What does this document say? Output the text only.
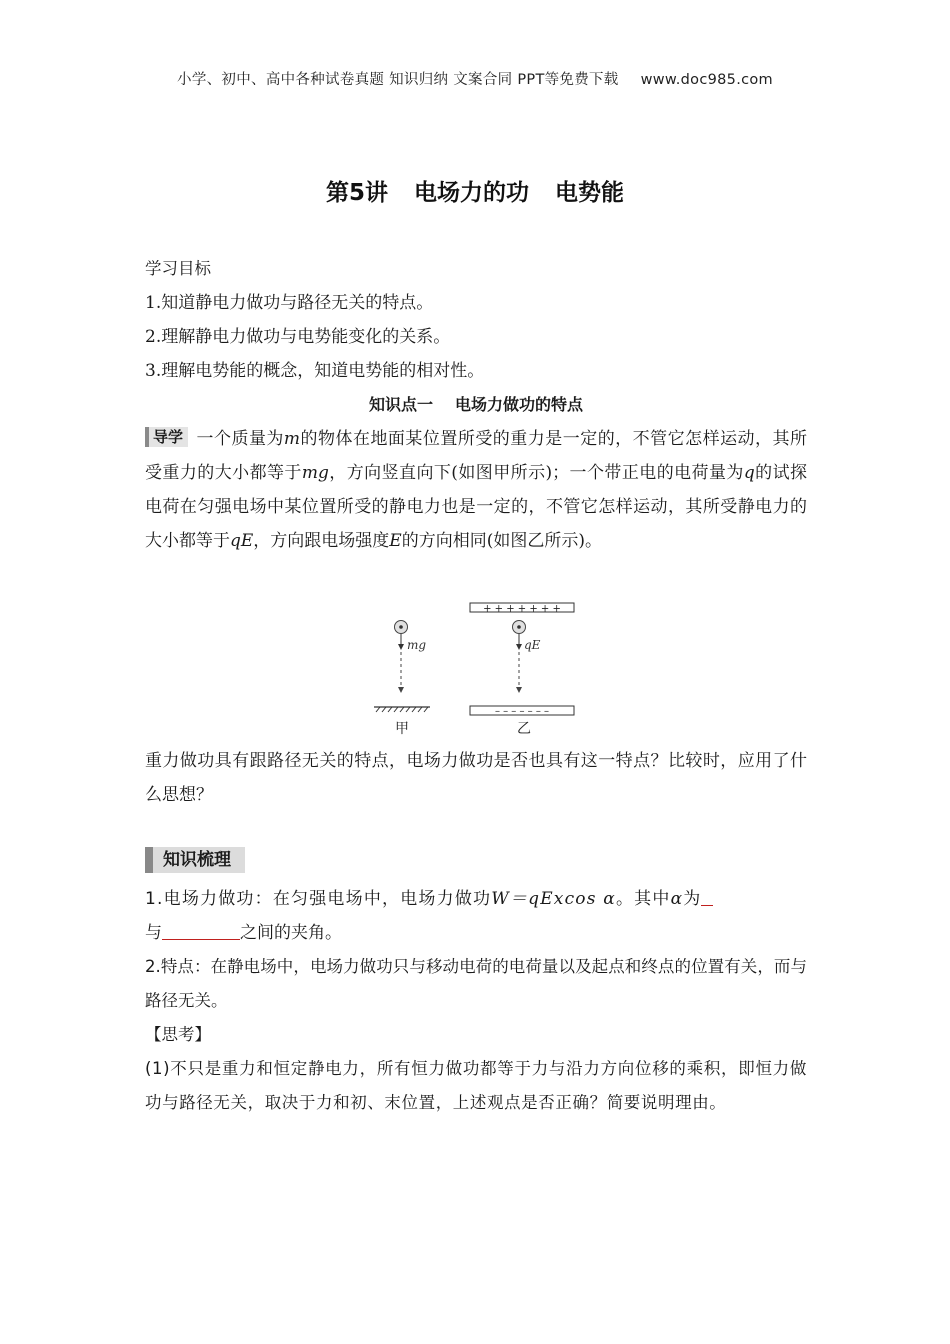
小学、初中、高中各种试卷真题 知识归纳 文案合同 PPT等免费下载 www.doc985.com
第5讲 电场力的功 电势能
学习目标
1.知道静电力做功与路径无关的特点。
2.理解静电力做功与电势能变化的关系。
3.理解电势能的概念，知道电势能的相对性。
知识点一 电场力做功的特点
导学 一个质量为m的物体在地面某位置所受的重力是一定的，不管它怎样运动，其所受重力的大小都等于mg，方向竖直向下(如图甲所示)；一个带正电的电荷量为q的试探电荷在匀强电场中某位置所受的静电力也是一定的，不管它怎样运动，其所受静电力的大小都等于qE，方向跟电场强度E的方向相同(如图乙所示)。
mg
甲
+ + + + + + +
qE
– – – – – – –
乙
重力做功具有跟路径无关的特点，电场力做功是否也具有这一特点？比较时，应用了什么思想？
知识梳理
1.电场力做功：在匀强电场中，电场力做功W＝qExcos α。其中α为
与	之间的夹角。
2.特点：在静电场中，电场力做功只与移动电荷的电荷量以及起点和终点的位置有关，而与路径无关。
【思考】
(1)不只是重力和恒定静电力，所有恒力做功都等于力与沿力方向位移的乘积，即恒力做功与路径无关，取决于力和初、末位置，上述观点是否正确？简要说明理由。
